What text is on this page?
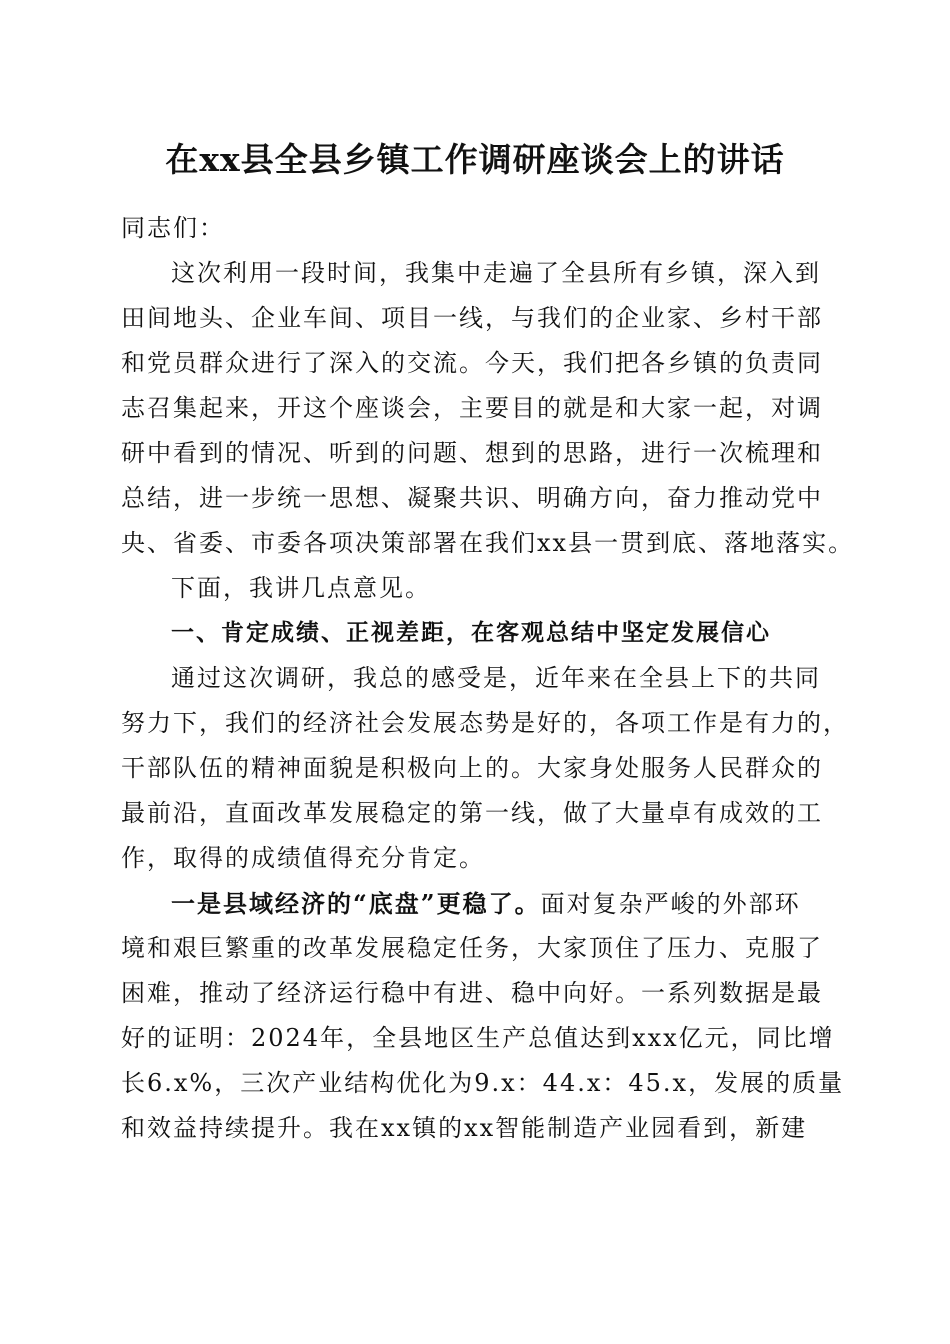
在xx县全县乡镇工作调研座谈会上的讲话
同志们：
这次利用一段时间，我集中走遍了全县所有乡镇，深入到
田间地头、企业车间、项目一线，与我们的企业家、乡村干部
和党员群众进行了深入的交流。今天，我们把各乡镇的负责同
志召集起来，开这个座谈会，主要目的就是和大家一起，对调
研中看到的情况、听到的问题、想到的思路，进行一次梳理和
总结，进一步统一思想、凝聚共识、明确方向，奋力推动党中
央、省委、市委各项决策部署在我们xx县一贯到底、落地落实。
下面，我讲几点意见。
一、肯定成绩、正视差距，在客观总结中坚定发展信心
通过这次调研，我总的感受是，近年来在全县上下的共同
努力下，我们的经济社会发展态势是好的，各项工作是有力的，
干部队伍的精神面貌是积极向上的。大家身处服务人民群众的
最前沿，直面改革发展稳定的第一线，做了大量卓有成效的工
作，取得的成绩值得充分肯定。
一是县域经济的“底盘”更稳了。面对复杂严峻的外部环
境和艰巨繁重的改革发展稳定任务，大家顶住了压力、克服了
困难，推动了经济运行稳中有进、稳中向好。一系列数据是最
好的证明：2024年，全县地区生产总值达到xxx亿元，同比增
长6.x%，三次产业结构优化为9.x：44.x：45.x，发展的质量
和效益持续提升。我在xx镇的xx智能制造产业园看到，新建
